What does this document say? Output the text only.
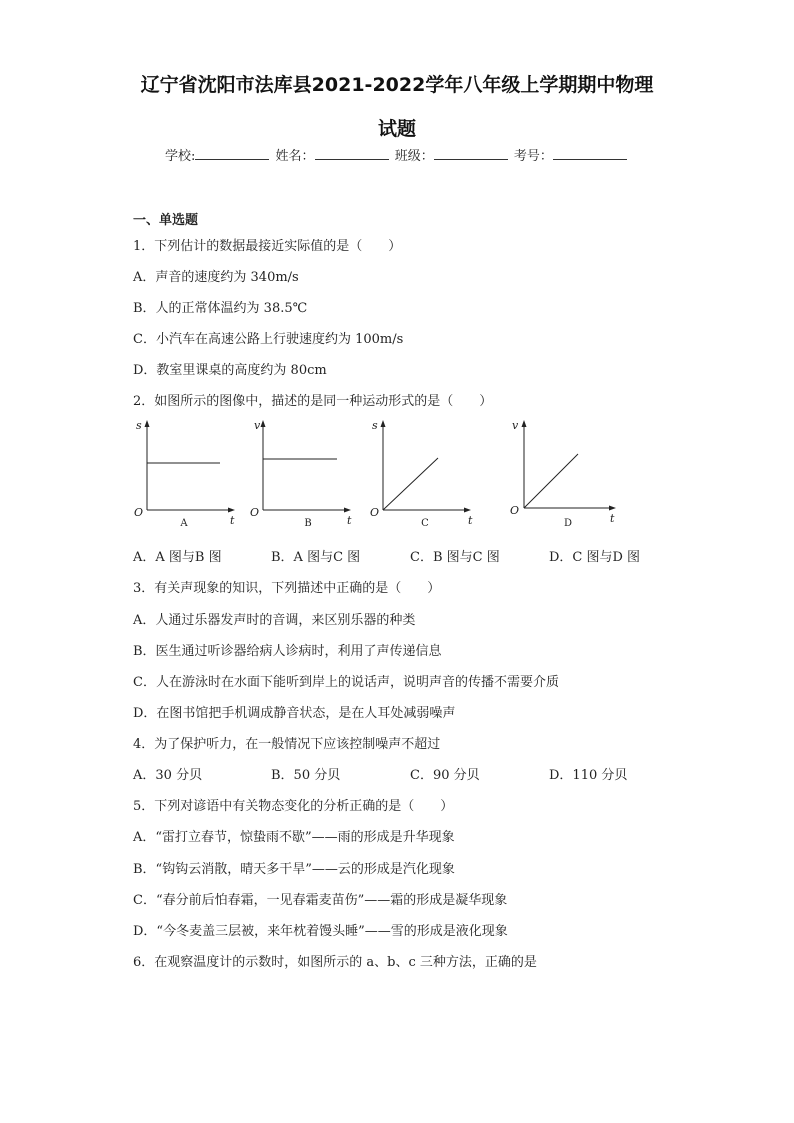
辽宁省沈阳市法库县2021-2022学年八年级上学期期中物理
试题
学校:	姓名：	班级：	考号：
一、单选题
1．下列估计的数据最接近实际值的是（　　）
A．声音的速度约为 340m/s
B．人的正常体温约为 38.5℃
C．小汽车在高速公路上行驶速度约为 100m/s
D．教室里课桌的高度约为 80cm
2．如图所示的图像中，描述的是同一种运动形式的是（　　）
s
t
O
A
v
t
O
B
s
t
O
C
v
t
O
D
A．A 图与B 图	B．A 图与C 图	C．B 图与C 图	D．C 图与D 图
3．有关声现象的知识，下列描述中正确的是（　　）
A．人通过乐器发声时的音调，来区别乐器的种类
B．医生通过听诊器给病人诊病时，利用了声传递信息
C．人在游泳时在水面下能听到岸上的说话声，说明声音的传播不需要介质
D．在图书馆把手机调成静音状态，是在人耳处减弱噪声
4．为了保护听力，在一般情况下应该控制噪声不超过
A．30 分贝	B．50 分贝	C．90 分贝	D．110 分贝
5．下列对谚语中有关物态变化的分析正确的是（　　）
A．“雷打立春节，惊蛰雨不歇”——雨的形成是升华现象
B．“钩钩云消散，晴天多干旱”——云的形成是汽化现象
C．“春分前后怕春霜，一见春霜麦苗伤”——霜的形成是凝华现象
D．“今冬麦盖三层被，来年枕着馒头睡”——雪的形成是液化现象
6．在观察温度计的示数时，如图所示的 a、b、c 三种方法，正确的是
